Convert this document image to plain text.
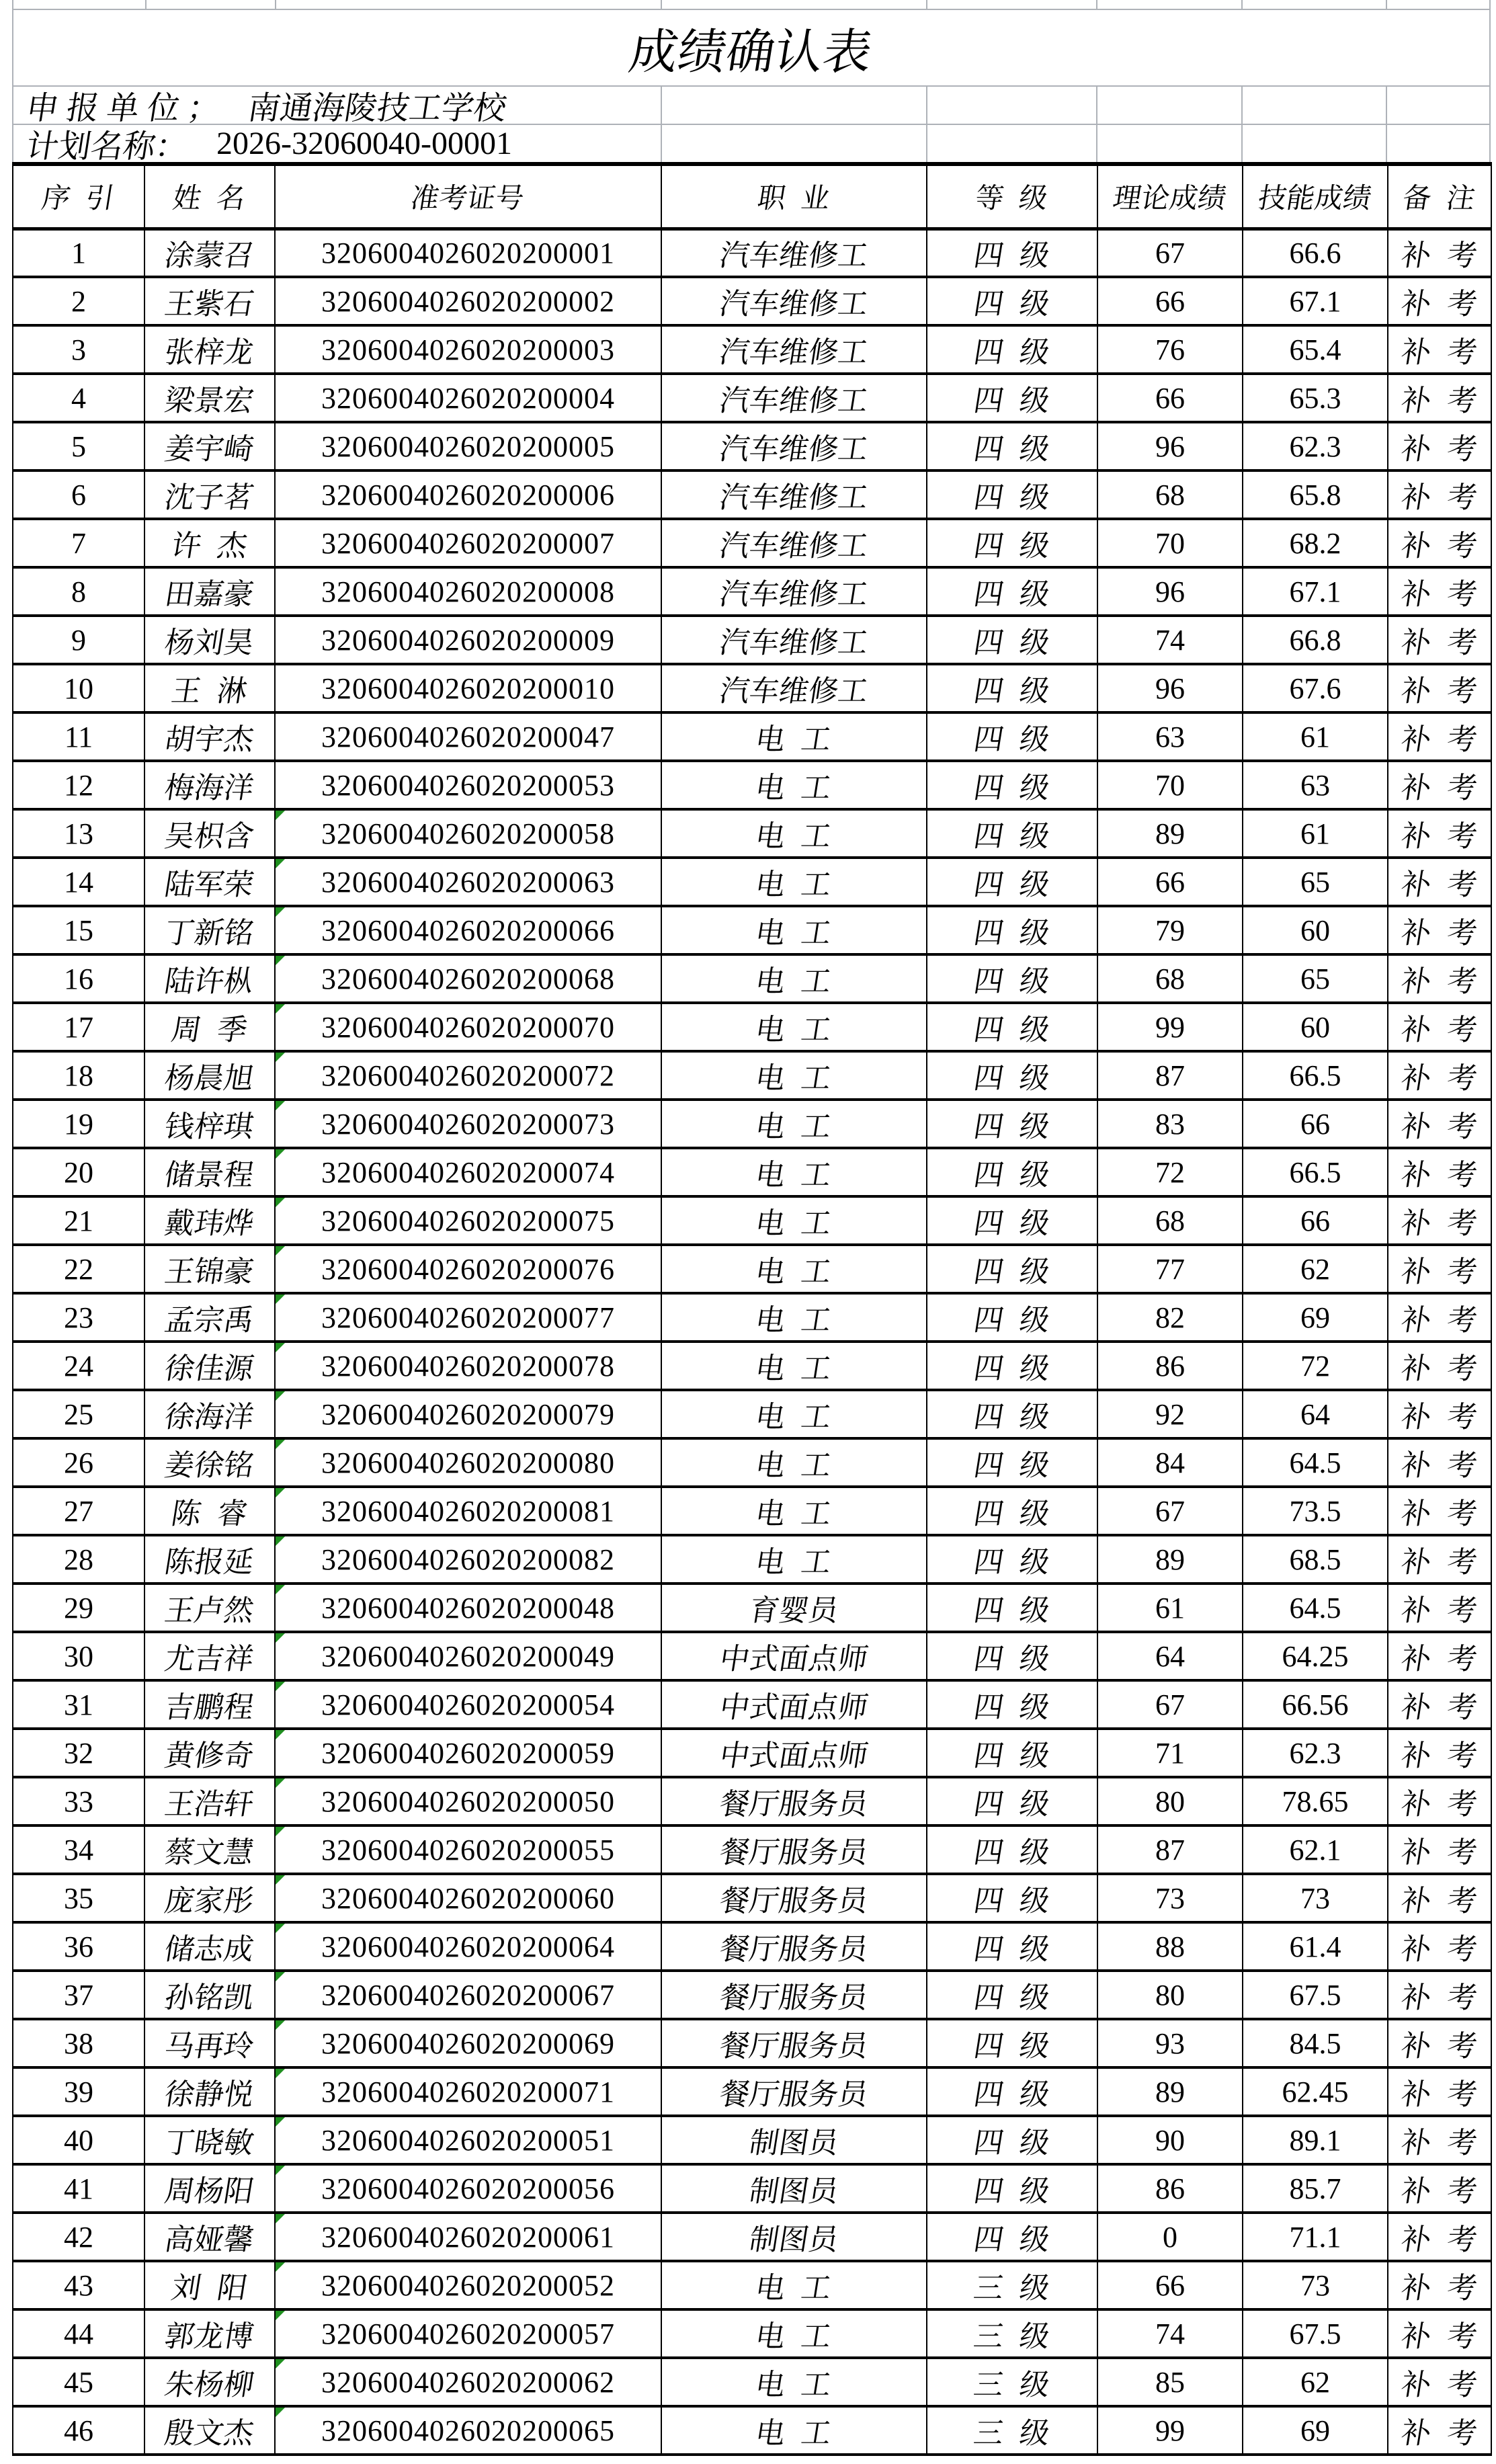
成绩确认表
申 报 单 位 ； 南通海陵技工学校
计划名称： 2026-32060040-00001
序引	姓名	准考证号	职业	等级	理论成绩	技能成绩	备注
1	涂蒙召	3206004026020200001	汽车维修工	四级	67	66.6	补考
2	王紫石	3206004026020200002	汽车维修工	四级	66	67.1	补考
3	张梓龙	3206004026020200003	汽车维修工	四级	76	65.4	补考
4	梁景宏	3206004026020200004	汽车维修工	四级	66	65.3	补考
5	姜宇崎	3206004026020200005	汽车维修工	四级	96	62.3	补考
6	沈子茗	3206004026020200006	汽车维修工	四级	68	65.8	补考
7	许杰	3206004026020200007	汽车维修工	四级	70	68.2	补考
8	田嘉豪	3206004026020200008	汽车维修工	四级	96	67.1	补考
9	杨刘昊	3206004026020200009	汽车维修工	四级	74	66.8	补考
10	王淋	3206004026020200010	汽车维修工	四级	96	67.6	补考
11	胡宇杰	3206004026020200047	电工	四级	63	61	补考
12	梅海洋	3206004026020200053	电工	四级	70	63	补考
13	吴枳含	3206004026020200058	电工	四级	89	61	补考
14	陆军荣	3206004026020200063	电工	四级	66	65	补考
15	丁新铭	3206004026020200066	电工	四级	79	60	补考
16	陆许枞	3206004026020200068	电工	四级	68	65	补考
17	周季	3206004026020200070	电工	四级	99	60	补考
18	杨晨旭	3206004026020200072	电工	四级	87	66.5	补考
19	钱梓琪	3206004026020200073	电工	四级	83	66	补考
20	储景程	3206004026020200074	电工	四级	72	66.5	补考
21	戴玮烨	3206004026020200075	电工	四级	68	66	补考
22	王锦豪	3206004026020200076	电工	四级	77	62	补考
23	孟宗禹	3206004026020200077	电工	四级	82	69	补考
24	徐佳源	3206004026020200078	电工	四级	86	72	补考
25	徐海洋	3206004026020200079	电工	四级	92	64	补考
26	姜徐铭	3206004026020200080	电工	四级	84	64.5	补考
27	陈睿	3206004026020200081	电工	四级	67	73.5	补考
28	陈报延	3206004026020200082	电工	四级	89	68.5	补考
29	王卢然	3206004026020200048	育婴员	四级	61	64.5	补考
30	尤吉祥	3206004026020200049	中式面点师	四级	64	64.25	补考
31	吉鹏程	3206004026020200054	中式面点师	四级	67	66.56	补考
32	黄修奇	3206004026020200059	中式面点师	四级	71	62.3	补考
33	王浩轩	3206004026020200050	餐厅服务员	四级	80	78.65	补考
34	蔡文慧	3206004026020200055	餐厅服务员	四级	87	62.1	补考
35	庞家彤	3206004026020200060	餐厅服务员	四级	73	73	补考
36	储志成	3206004026020200064	餐厅服务员	四级	88	61.4	补考
37	孙铭凯	3206004026020200067	餐厅服务员	四级	80	67.5	补考
38	马再玲	3206004026020200069	餐厅服务员	四级	93	84.5	补考
39	徐静悦	3206004026020200071	餐厅服务员	四级	89	62.45	补考
40	丁晓敏	3206004026020200051	制图员	四级	90	89.1	补考
41	周杨阳	3206004026020200056	制图员	四级	86	85.7	补考
42	高娅馨	3206004026020200061	制图员	四级	0	71.1	补考
43	刘阳	3206004026020200052	电工	三级	66	73	补考
44	郭龙博	3206004026020200057	电工	三级	74	67.5	补考
45	朱杨柳	3206004026020200062	电工	三级	85	62	补考
46	殷文杰	3206004026020200065	电工	三级	99	69	补考
